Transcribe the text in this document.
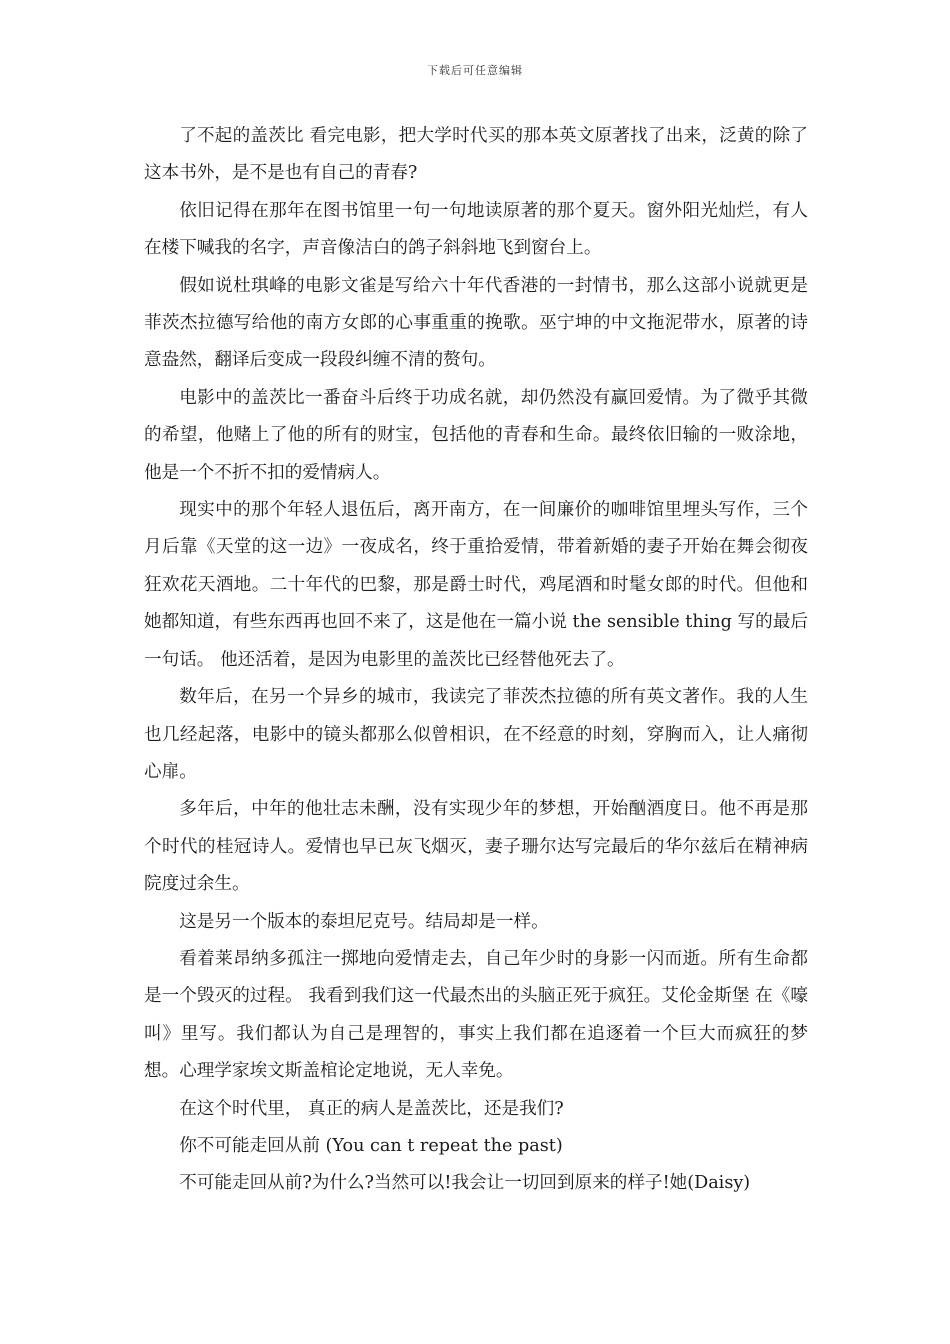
下载后可任意编辑

了不起的盖茨比 看完电影，把大学时代买的那本英文原著找了出来，泛黄的除了这本书外，是不是也有自己的青春?

依旧记得在那年在图书馆里一句一句地读原著的那个夏天。窗外阳光灿烂，有人在楼下喊我的名字，声音像洁白的鸽子斜斜地飞到窗台上。

假如说杜琪峰的电影文雀是写给六十年代香港的一封情书，那么这部小说就更是菲茨杰拉德写给他的南方女郎的心事重重的挽歌。巫宁坤的中文拖泥带水，原著的诗意盎然，翻译后变成一段段纠缠不清的赘句。

电影中的盖茨比一番奋斗后终于功成名就，却仍然没有赢回爱情。为了微乎其微的希望，他赌上了他的所有的财宝，包括他的青春和生命。最终依旧输的一败涂地，他是一个不折不扣的爱情病人。

现实中的那个年轻人退伍后，离开南方，在一间廉价的咖啡馆里埋头写作，三个月后靠《天堂的这一边》一夜成名，终于重拾爱情，带着新婚的妻子开始在舞会彻夜狂欢花天酒地。二十年代的巴黎，那是爵士时代，鸡尾酒和时髦女郎的时代。但他和她都知道，有些东西再也回不来了，这是他在一篇小说 the sensible thing 写的最后一句话。 他还活着，是因为电影里的盖茨比已经替他死去了。

数年后，在另一个异乡的城市，我读完了菲茨杰拉德的所有英文著作。我的人生也几经起落，电影中的镜头都那么似曾相识，在不经意的时刻，穿胸而入，让人痛彻心扉。

多年后，中年的他壮志未酬，没有实现少年的梦想，开始酗酒度日。他不再是那个时代的桂冠诗人。爱情也早已灰飞烟灭，妻子珊尔达写完最后的华尔兹后在精神病院度过余生。

这是另一个版本的泰坦尼克号。结局却是一样。

看着莱昂纳多孤注一掷地向爱情走去，自己年少时的身影一闪而逝。所有生命都是一个毁灭的过程。 我看到我们这一代最杰出的头脑正死于疯狂。艾伦金斯堡 在《嚎叫》里写。我们都认为自己是理智的，事实上我们都在追逐着一个巨大而疯狂的梦想。心理学家埃文斯盖棺论定地说，无人幸免。

在这个时代里， 真正的病人是盖茨比，还是我们?

你不可能走回从前 (You can t repeat the past)

不可能走回从前?为什么?当然可以!我会让一切回到原来的样子!她(Daisy)
